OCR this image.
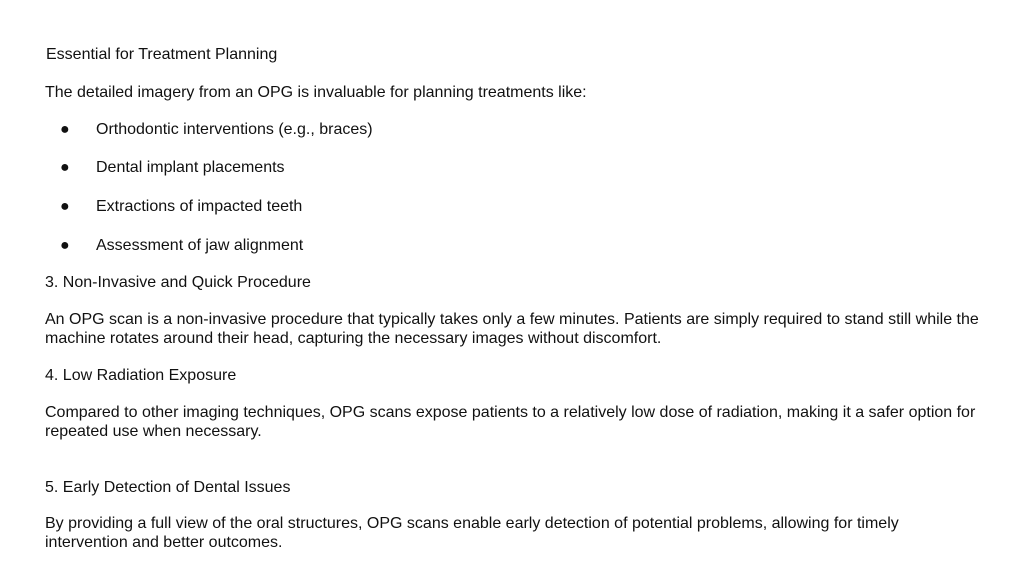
Essential for Treatment Planning

The detailed imagery from an OPG is invaluable for planning treatments like:

●	Orthodontic interventions (e.g., braces)
●	Dental implant placements
●	Extractions of impacted teeth
●	Assessment of jaw alignment

3. Non-Invasive and Quick Procedure

An OPG scan is a non-invasive procedure that typically takes only a few minutes. Patients are simply required to stand still while the machine rotates around their head, capturing the necessary images without discomfort.

4. Low Radiation Exposure

Compared to other imaging techniques, OPG scans expose patients to a relatively low dose of radiation, making it a safer option for repeated use when necessary.

5. Early Detection of Dental Issues

By providing a full view of the oral structures, OPG scans enable early detection of potential problems, allowing for timely intervention and better outcomes.
